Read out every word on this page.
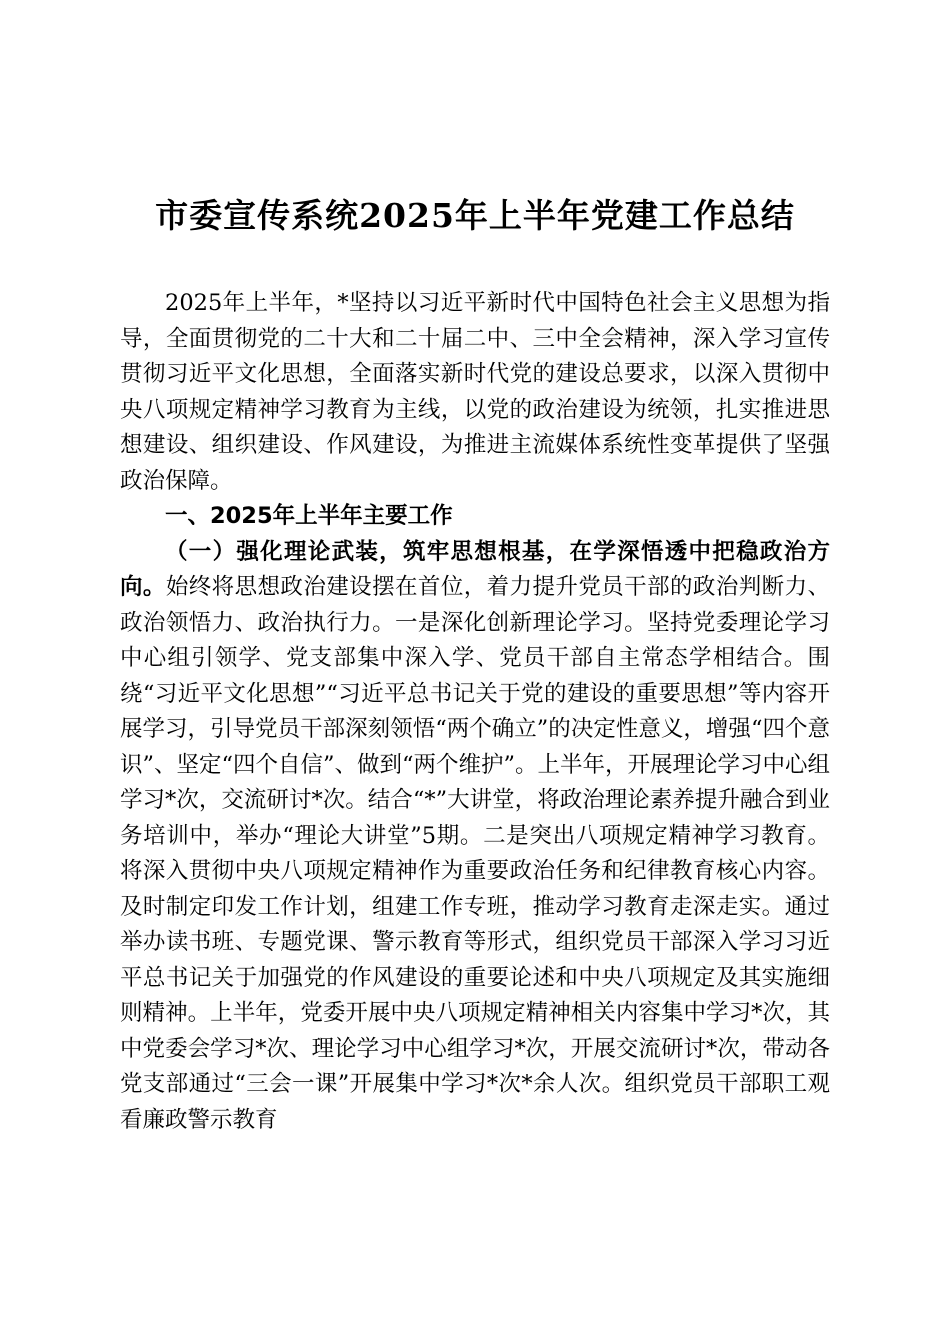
市委宣传系统2025年上半年党建工作总结

2025年上半年，*坚持以习近平新时代中国特色社会主义思想为指导，全面贯彻党的二十大和二十届二中、三中全会精神，深入学习宣传贯彻习近平文化思想，全面落实新时代党的建设总要求，以深入贯彻中央八项规定精神学习教育为主线，以党的政治建设为统领，扎实推进思想建设、组织建设、作风建设，为推进主流媒体系统性变革提供了坚强政治保障。

一、2025年上半年主要工作

（一）强化理论武装，筑牢思想根基，在学深悟透中把稳政治方向。始终将思想政治建设摆在首位，着力提升党员干部的政治判断力、政治领悟力、政治执行力。一是深化创新理论学习。坚持党委理论学习中心组引领学、党支部集中深入学、党员干部自主常态学相结合。围绕“习近平文化思想”“习近平总书记关于党的建设的重要思想”等内容开展学习，引导党员干部深刻领悟“两个确立”的决定性意义，增强“四个意识”、坚定“四个自信”、做到“两个维护”。上半年，开展理论学习中心组学习*次，交流研讨*次。结合“*”大讲堂，将政治理论素养提升融合到业务培训中，举办“理论大讲堂”5期。二是突出八项规定精神学习教育。将深入贯彻中央八项规定精神作为重要政治任务和纪律教育核心内容。及时制定印发工作计划，组建工作专班，推动学习教育走深走实。通过举办读书班、专题党课、警示教育等形式，组织党员干部深入学习习近平总书记关于加强党的作风建设的重要论述和中央八项规定及其实施细则精神。上半年，党委开展中央八项规定精神相关内容集中学习*次，其中党委会学习*次、理论学习中心组学习*次，开展交流研讨*次，带动各党支部通过“三会一课”开展集中学习*次*余人次。组织党员干部职工观看廉政警示教育
